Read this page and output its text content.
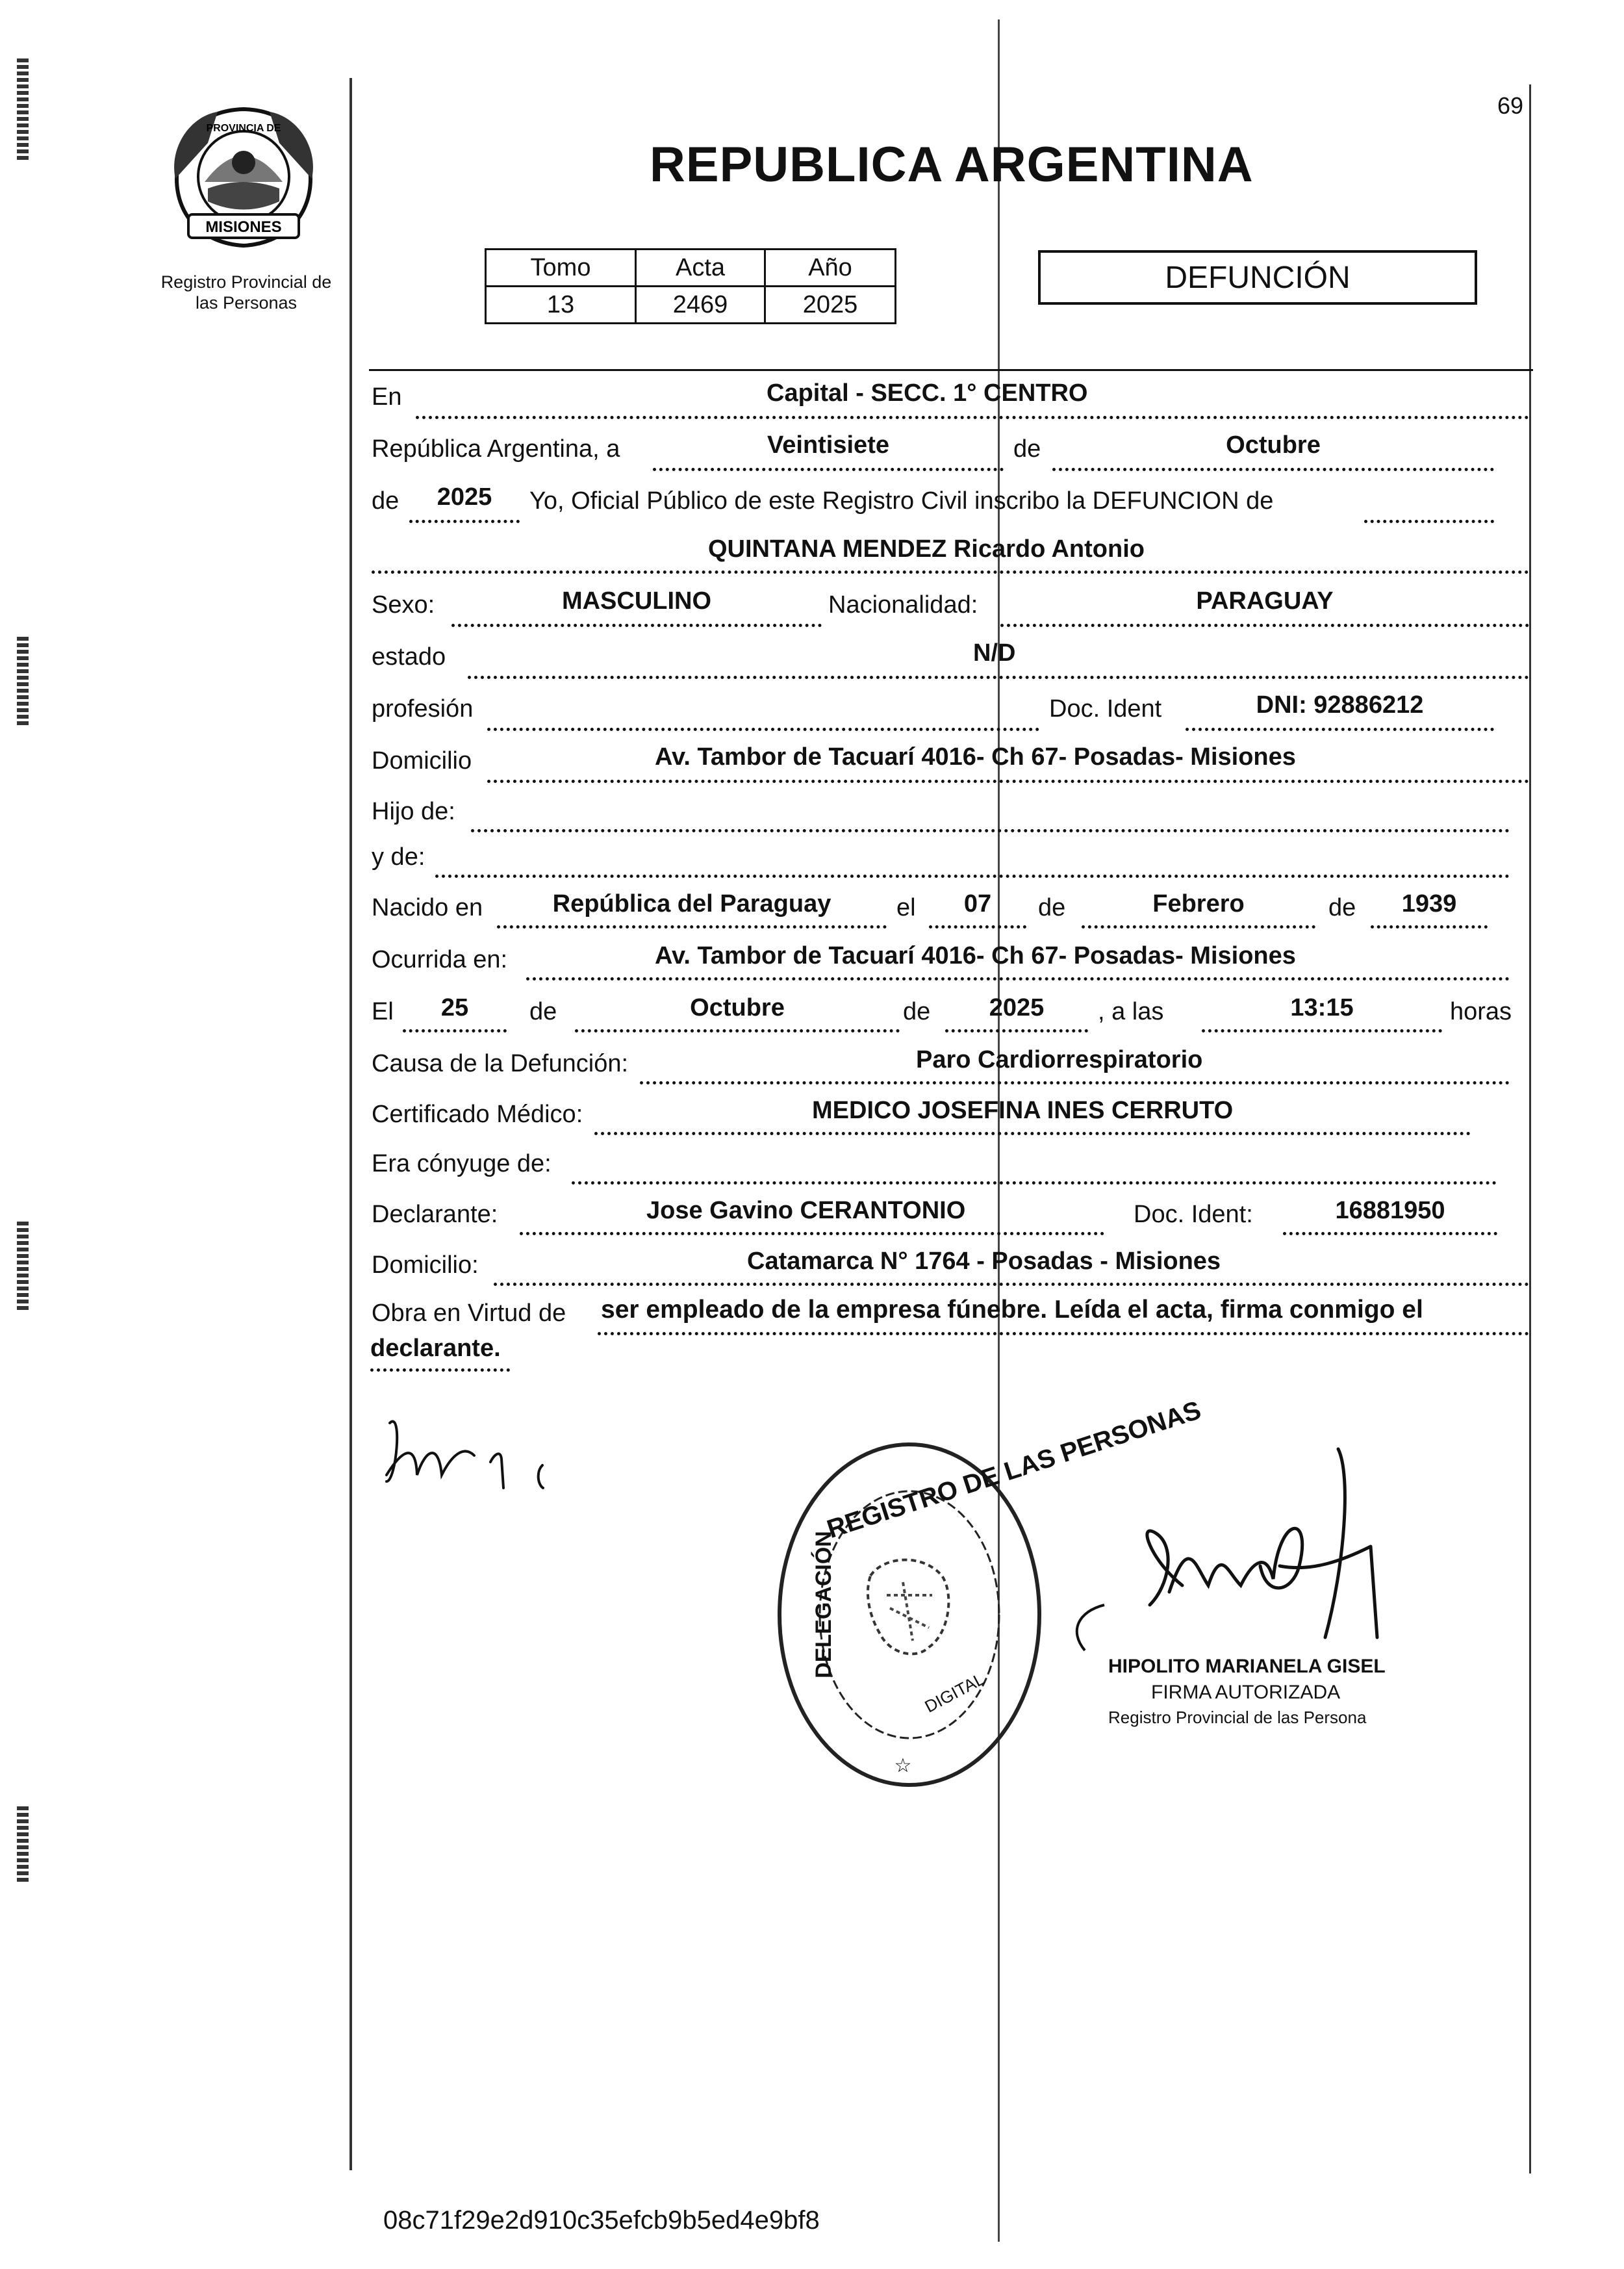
69
MISIONES
PROVINCIA DE
Registro Provincial de
las Personas
REPUBLICA ARGENTINA
Tomo	Acta	Año
13	2469	2025
DEFUNCIÓN
En	Capital - SECC. 1° CENTRO
República Argentina, a	Veintisiete	de	Octubre
de	2025	Yo, Oficial Público de este Registro Civil inscribo la DEFUNCION de
QUINTANA MENDEZ Ricardo Antonio
Sexo:	MASCULINO	Nacionalidad:	PARAGUAY
estado	N/D
profesión	Doc. Ident	DNI: 92886212
Domicilio	Av. Tambor de Tacuarí 4016- Ch 67- Posadas- Misiones
Hijo de:
y de:
Nacido en	República del Paraguay	el	07	de	Febrero	de	1939
Ocurrida en:	Av. Tambor de Tacuarí 4016- Ch 67- Posadas- Misiones
El	25	de	Octubre	de	2025	, a las	13:15	horas
Causa de la Defunción:	Paro Cardiorrespiratorio
Certificado Médico:	MEDICO JOSEFINA INES CERRUTO
Era cónyuge de:
Declarante:	Jose Gavino CERANTONIO	Doc. Ident:	16881950
Domicilio:	Catamarca N° 1764 - Posadas - Misiones
Obra en Virtud de ser empleado de la empresa fúnebre. Leída el acta, firma conmigo el
declarante.
☆
REGISTRO DE LAS PERSONAS
DELEGACIÓN
DIGITAL
HIPOLITO MARIANELA GISEL
FIRMA AUTORIZADA
Registro Provincial de las Persona
08c71f29e2d910c35efcb9b5ed4e9bf8
